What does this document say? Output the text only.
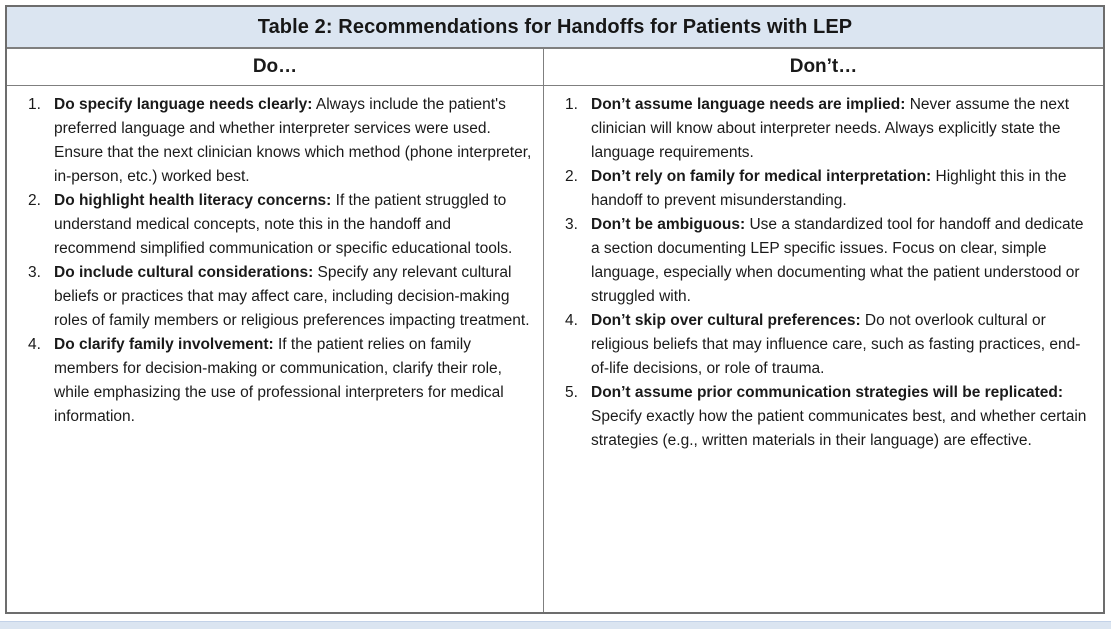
Table 2: Recommendations for Handoffs for Patients with LEP
Do…	Don’t…
1. Do specify language needs clearly: Always include the patient's preferred language and whether interpreter services were used. Ensure that the next clinician knows which method (phone interpreter, in-person, etc.) worked best.
2. Do highlight health literacy concerns: If the patient struggled to understand medical concepts, note this in the handoff and recommend simplified communication or specific educational tools.
3. Do include cultural considerations: Specify any relevant cultural beliefs or practices that may affect care, including decision-making roles of family members or religious preferences impacting treatment.
4. Do clarify family involvement: If the patient relies on family members for decision-making or communication, clarify their role, while emphasizing the use of professional interpreters for medical information.
1. Don’t assume language needs are implied: Never assume the next clinician will know about interpreter needs. Always explicitly state the language requirements.
2. Don’t rely on family for medical interpretation: Highlight this in the handoff to prevent misunderstanding.
3. Don’t be ambiguous: Use a standardized tool for handoff and dedicate a section documenting LEP specific issues. Focus on clear, simple language, especially when documenting what the patient understood or struggled with.
4. Don’t skip over cultural preferences: Do not overlook cultural or religious beliefs that may influence care, such as fasting practices, end-of-life decisions, or role of trauma.
5. Don’t assume prior communication strategies will be replicated: Specify exactly how the patient communicates best, and whether certain strategies (e.g., written materials in their language) are effective.
